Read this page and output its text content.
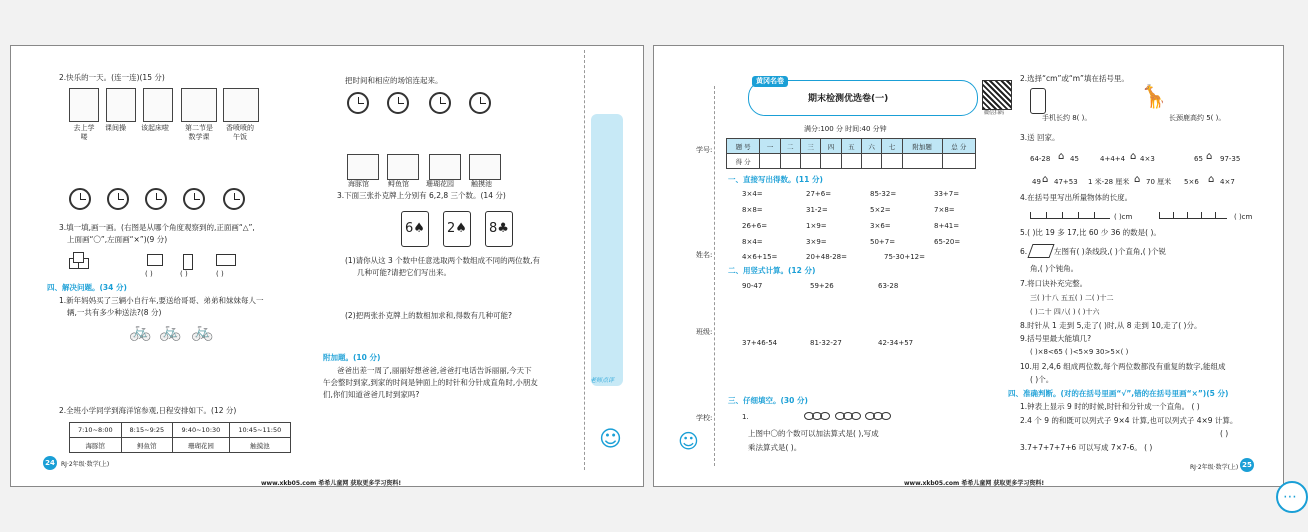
2.快乐的一天。(连一连)(15 分)
去上学喽
课间操 该起床啦 第二节是数学课
香喷喷的午饭
3.填一填,画一画。(右图是从哪个角度观察到的,正面画“△”,
上面画“〇”,左面画“×”)(9 分)
( )	( )	( )
四、解决问题。(34 分)
1.新年妈妈买了三辆小自行车,要送给哥哥、弟弟和妹妹每人一
辆,一共有多少种送法?(8 分)
🚲 🚲 🚲
2.全班小学同学到海洋馆参观,日程安排如下。(12 分)
7:10~8:00	8:15~9:25	9:40~10:30	10:45~11:50
海豚馆	鲟鱼馆	珊瑚花园	触摸池
把时间和相应的场馆连起来。
海豚馆	鲟鱼馆 珊瑚花园 触摸池
3.下面三张扑克牌上分别有 6,2,8 三个数。(14 分)
6♠	2♠	8♣
(1)请你从这 3 个数中任意选取两个数组成不同的两位数,有
几种可能?请把它们写出来。
(2)把两张扑克牌上的数相加求和,得数有几种可能?
附加题。(10 分)
爸爸出差一周了,丽丽好想爸爸,爸爸打电话告诉丽丽,今天下
午会整时到家,到家的时间是钟面上的时针和分针成直角时,小朋友
们,你们知道爸爸几时到家吗?
老师点评
☺
24	RJ·2年级·数学(上)
www.xkb05.com 希希儿童网 获取更多学习资料!
学号:
姓名:
班级:
学校:
黄冈名卷
期末检测优选卷(一)
满分:100 分 时间:40 分钟
微信扫码
题 号	一	二	三	四	五	六	七	附加题	总 分
得 分									
一、直接写出得数。(11 分)
3×4=	27+6=	85-32=	33+7=
8×8=	31-2=	5×2=	7×8=
26+6=	1×9=	3×6=	8+41=
8×4=	3×9=	50+7=	65-20=
4×6+15=	20+48-28=	75-30+12=
二、用竖式计算。(12 分)
90-47	59+26	63-28
37+46-54	81-32-27	42-34+57
三、仔细填空。(30 分)
1.

上图中〇的个数可以加法算式是( ),写成
乘法算式是( )。
☺
2.选择“cm”或“m”填在括号里。
手机长约 8( )。
🦒
长颈鹿高约 5( )。
3.送 回家。
64-28 ⌂ 45	4+4+4 ⌂ 4×3	65 ⌂ 97-35
49 ⌂ 47+53 1 米-28 厘米 ⌂ 70 厘米 5×6 ⌂ 4×7
4.在括号里写出所量物体的长度。
( )cm	( )cm
5.( )比 19 多 17,比 60 少 36 的数是( )。
6.	左图有( )条线段,( )个直角,( )个锐
角,( )个钝角。
7.将口诀补充完整。
三( )十八 五五( ) 二( )十二
( )二十 四八( ) ( )十六
8.时针从 1 走到 5,走了( )时,从 8 走到 10,走了( )分。
9.括号里最大能填几?
( )×8<65 ( )<5×9 30>5×( )
10.用 2,4,6 组成两位数,每个两位数都没有重复的数字,能组成
( )个。
四、准确判断。(对的在括号里画“√”,错的在括号里画“×”)(5 分)
1.钟表上显示 9 时的时候,时针和分针成一个直角。 ( )
2.4 个 9 的和既可以列式子 9×4 计算,也可以列式子 4×9 计算。
( )
3.7+7+7+7+6 可以写成 7×7-6。 ( )
RJ·2年级·数学(上) 25
www.xkb05.com 希希儿童网 获取更多学习资料!
⋯
